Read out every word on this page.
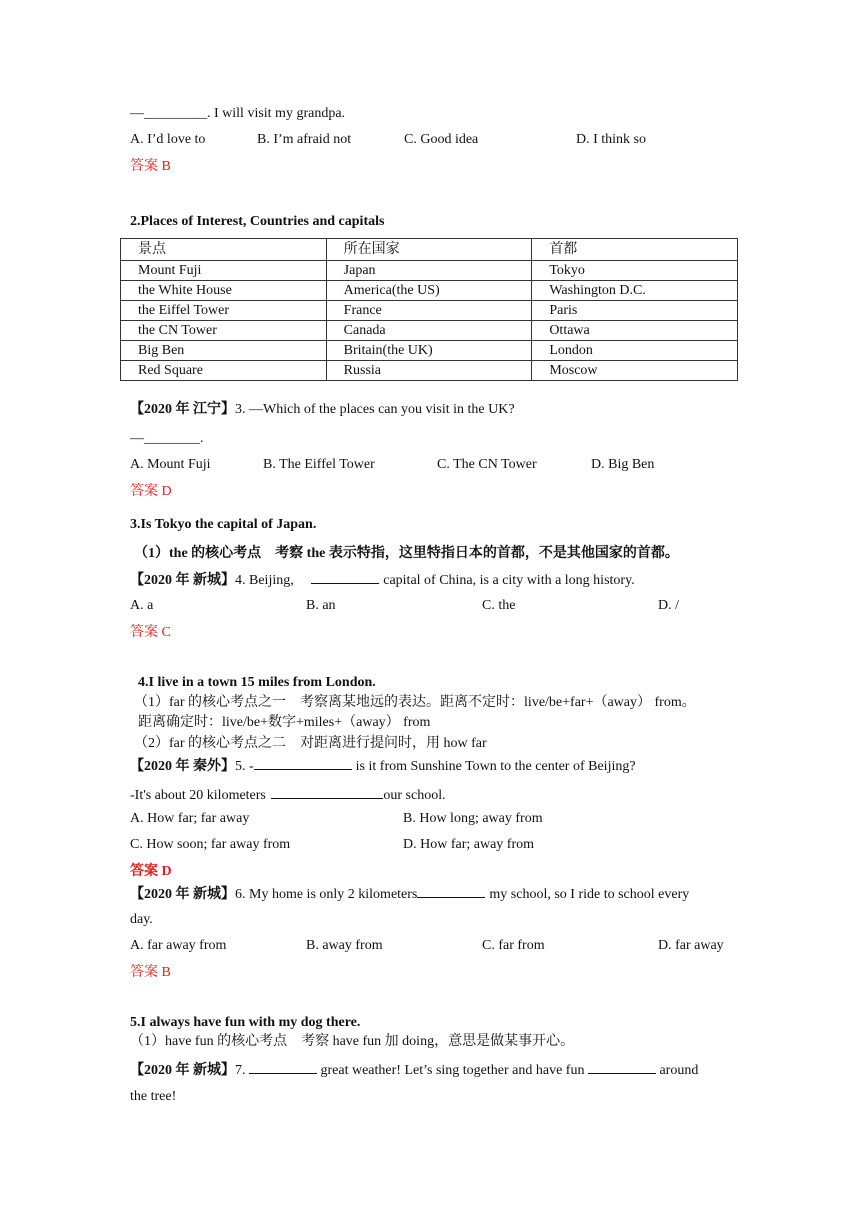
—_________. I will visit my grandpa.
A. I’d love to	B. I’m afraid not	C. Good idea	D. I think so
答案 B
2.Places of Interest, Countries and capitals
景点	所在国家	首都
Mount Fuji	Japan	Tokyo
the White House	America(the US)	Washington D.C.
the Eiffel Tower	France	Paris
the CN Tower	Canada	Ottawa
Big Ben	Britain(the UK)	London
Red Square	Russia	Moscow
【2020 年 江宁】3. —Which of the places can you visit in the UK?
—________.
A. Mount Fuji	B. The Eiffel Tower	C. The CN Tower	D. Big Ben
答案 D
3.Is Tokyo the capital of Japan.
（1）the 的核心考点　考察 the 表示特指，这里特指日本的首都，不是其他国家的首都。
【2020 年 新城】4. Beijing,	capital of China, is a city with a long history.
A. a	B. an	C. the	D. /
答案 C
4.I live in a town 15 miles from London.
（1）far 的核心考点之一　考察离某地远的表达。距离不定时：live/be+far+（away） from。
距离确定时：live/be+数字+miles+（away） from
（2）far 的核心考点之二　对距离进行提问时，用 how far
【2020 年 秦外】5. -	is it from Sunshine Town to the center of Beijing?
-It's about 20 kilometers	our school.
A. How far; far away	B. How long; away from
C. How soon; far away from	D. How far; away from
答案 D
【2020 年 新城】6. My home is only 2 kilometers	my school, so I ride to school every
day.
A. far away from	B. away from	C. far from	D. far away
答案 B
5.I always have fun with my dog there.
（1）have fun 的核心考点　考察 have fun 加 doing，意思是做某事开心。
【2020 年 新城】7.	great weather! Let’s sing together and have fun	around
the tree!
